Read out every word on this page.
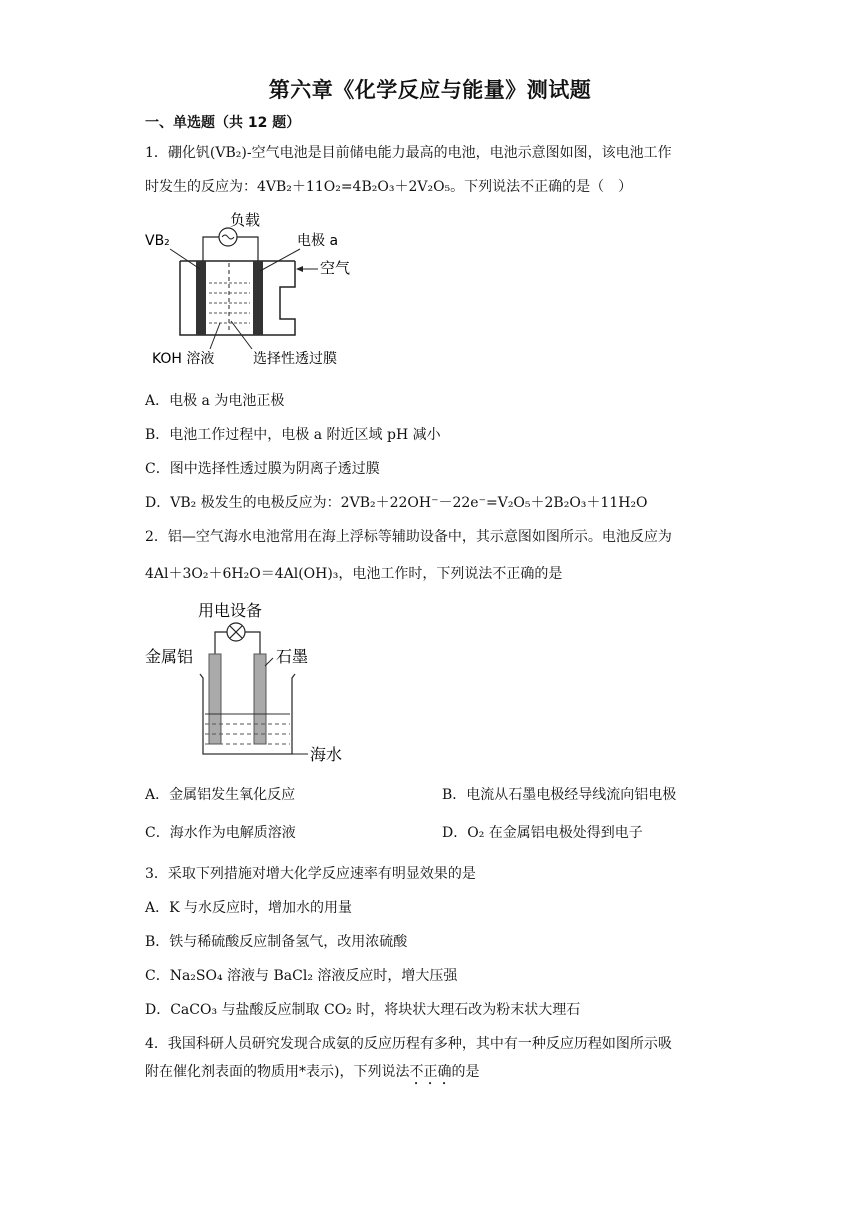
第六章《化学反应与能量》测试题
一、单选题（共 12 题）
1．硼化钒(VB₂)-空气电池是目前储电能力最高的电池，电池示意图如图，该电池工作
时发生的反应为：4VB₂＋11O₂=4B₂O₃＋2V₂O₅。下列说法不正确的是（　）
负载
VB₂	电极 a
空气
KOH 溶液	选择性透过膜
A．电极 a 为电池正极
B．电池工作过程中，电极 a 附近区域 pH 减小
C．图中选择性透过膜为阴离子透过膜
D．VB₂ 极发生的电极反应为：2VB₂＋22OH⁻－22e⁻=V₂O₅＋2B₂O₃＋11H₂O
2．铝—空气海水电池常用在海上浮标等辅助设备中，其示意图如图所示。电池反应为
4Al＋3O₂＋6H₂O＝4Al(OH)₃，电池工作时，下列说法不正确的是
用电设备
金属铝	石墨
海水
A．金属铝发生氧化反应	B．电流从石墨电极经导线流向铝电极
C．海水作为电解质溶液	D．O₂ 在金属铝电极处得到电子
3．采取下列措施对增大化学反应速率有明显效果的是
A．K 与水反应时，增加水的用量
B．铁与稀硫酸反应制备氢气，改用浓硫酸
C．Na₂SO₄ 溶液与 BaCl₂ 溶液反应时，增大压强
D．CaCO₃ 与盐酸反应制取 CO₂ 时，将块状大理石改为粉末状大理石
4．我国科研人员研究发现合成氨的反应历程有多种，其中有一种反应历程如图所示吸
附在催化剂表面的物质用*表示)，下列说法不正确的是
